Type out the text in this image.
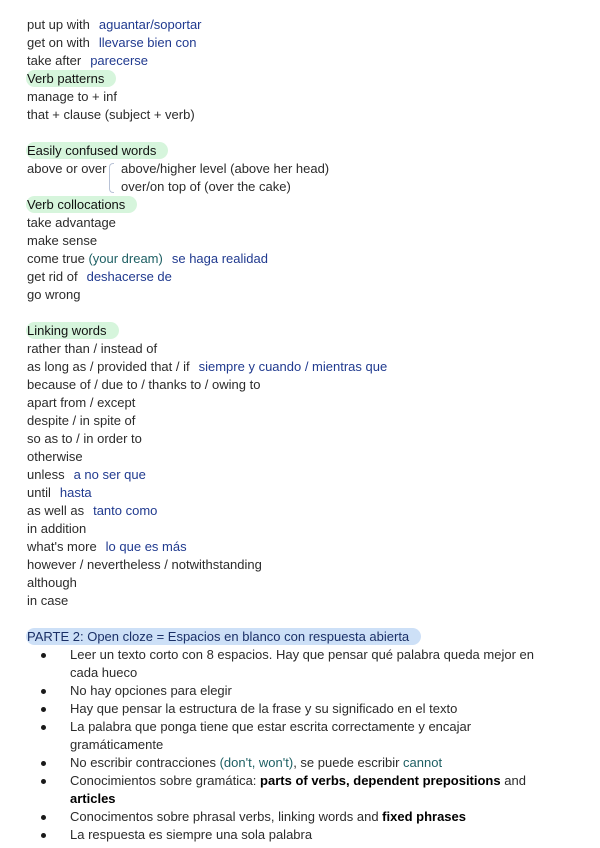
put up with aguantar/soportar
get on with llevarse bien con
take after parecerse
Verb patterns
manage to + inf
that + clause (subject + verb)
Easily confused words
above or over above/higher level (above her head)
over/on top of (over the cake)
Verb collocations
take advantage
make sense
come true (your dream) se haga realidad
get rid of deshacerse de
go wrong
Linking words
rather than / instead of
as long as / provided that / if siempre y cuando / mientras que
because of / due to / thanks to / owing to
apart from / except
despite / in spite of
so as to / in order to
otherwise
unless a no ser que
until hasta
as well as tanto como
in addition
what's more lo que es más
however / nevertheless / notwithstanding
although
in case
PARTE 2: Open cloze = Espacios en blanco con respuesta abierta
Leer un texto corto con 8 espacios. Hay que pensar qué palabra queda mejor en cada hueco
No hay opciones para elegir
Hay que pensar la estructura de la frase y su significado en el texto
La palabra que ponga tiene que estar escrita correctamente y encajar gramáticamente
No escribir contracciones (don't, won't), se puede escribir cannot
Conocimientos sobre gramática: parts of verbs, dependent prepositions and articles
Conocimentos sobre phrasal verbs, linking words and fixed phrases
La respuesta es siempre una sola palabra
